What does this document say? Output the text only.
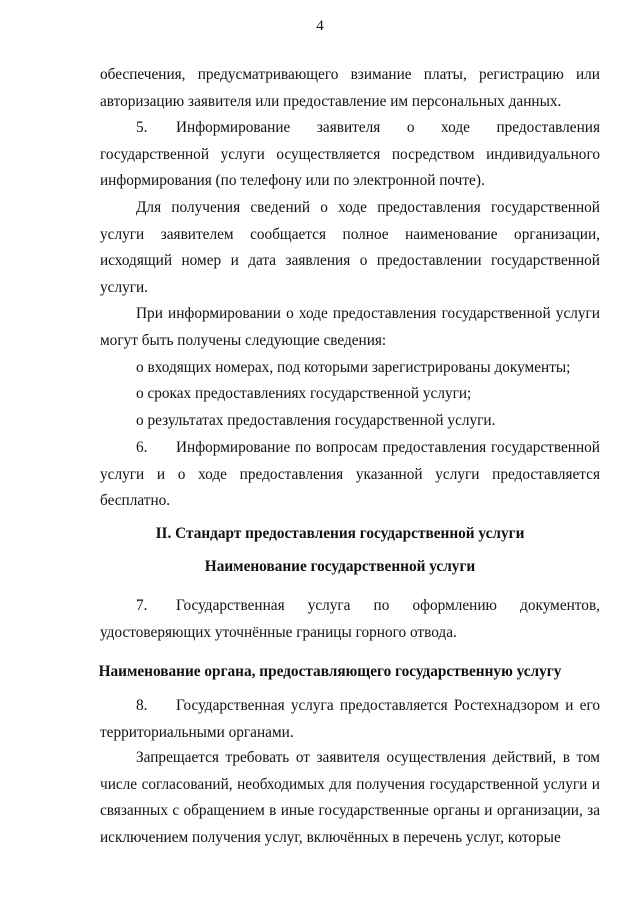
4
обеспечения, предусматривающего взимание платы, регистрацию или авторизацию заявителя или предоставление им персональных данных.
5. Информирование заявителя о ходе предоставления государственной услуги осуществляется посредством индивидуального информирования (по телефону или по электронной почте).
Для получения сведений о ходе предоставления государственной услуги заявителем сообщается полное наименование организации, исходящий номер и дата заявления о предоставлении государственной услуги.
При информировании о ходе предоставления государственной услуги могут быть получены следующие сведения:
о входящих номерах, под которыми зарегистрированы документы;
о сроках предоставлениях государственной услуги;
о результатах предоставления государственной услуги.
6. Информирование по вопросам предоставления государственной услуги и о ходе предоставления указанной услуги предоставляется бесплатно.
II. Стандарт предоставления государственной услуги
Наименование государственной услуги
7. Государственная услуга по оформлению документов, удостоверяющих уточнённые границы горного отвода.
Наименование органа, предоставляющего государственную услугу
8. Государственная услуга предоставляется Ростехнадзором и его территориальными органами.
Запрещается требовать от заявителя осуществления действий, в том числе согласований, необходимых для получения государственной услуги и связанных с обращением в иные государственные органы и организации, за исключением получения услуг, включённых в перечень услуг, которые
